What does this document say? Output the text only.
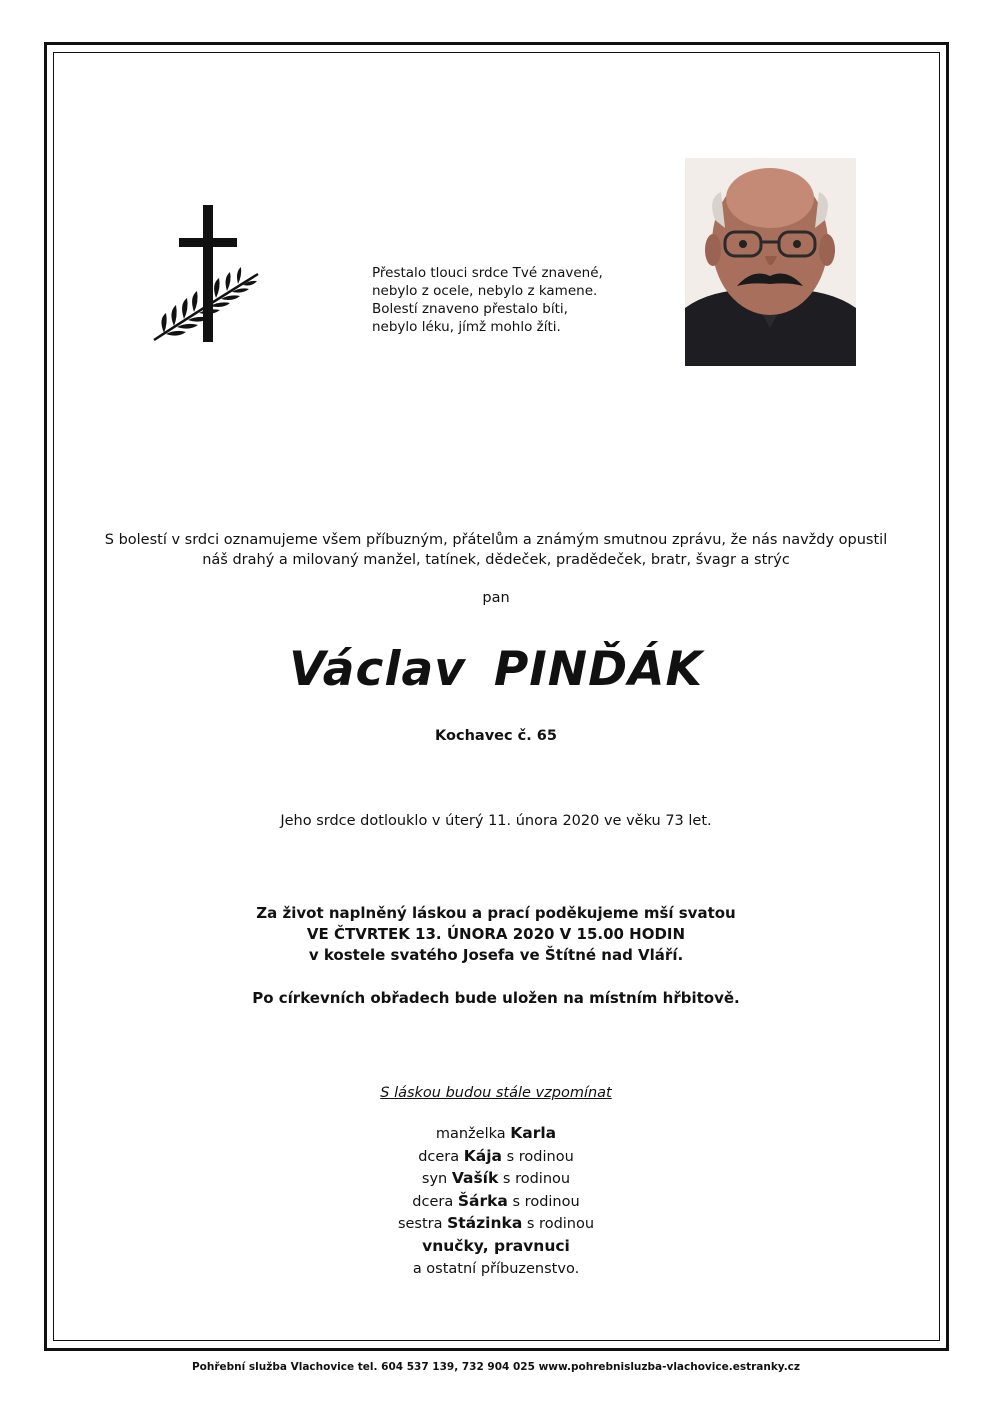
Přestalo tlouci srdce Tvé znavené,
nebylo z ocele, nebylo z kamene.
Bolestí znaveno přestalo bíti,
nebylo léku, jímž mohlo žíti.
S bolestí v srdci oznamujeme všem příbuzným, přátelům a známým smutnou zprávu, že nás navždy opustil
náš drahý a milovaný manžel, tatínek, dědeček, pradědeček, bratr, švagr a strýc
pan
Václav PINĎÁK
Kochavec č. 65
Jeho srdce dotlouklo v úterý 11. února 2020 ve věku 73 let.
Za život naplněný láskou a prací poděkujeme mší svatou
VE ČTVRTEK 13. ÚNORA 2020 V 15.00 HODIN
v kostele svatého Josefa ve Štítné nad Vláří.
Po církevních obřadech bude uložen na místním hřbitově.
S láskou budou stále vzpomínat
manželka Karla
dcera Kája s rodinou
syn Vašík s rodinou
dcera Šárka s rodinou
sestra Stázinka s rodinou
vnučky, pravnuci
a ostatní příbuzenstvo.
Pohřební služba Vlachovice tel. 604 537 139, 732 904 025 www.pohrebnisluzba-vlachovice.estranky.cz
